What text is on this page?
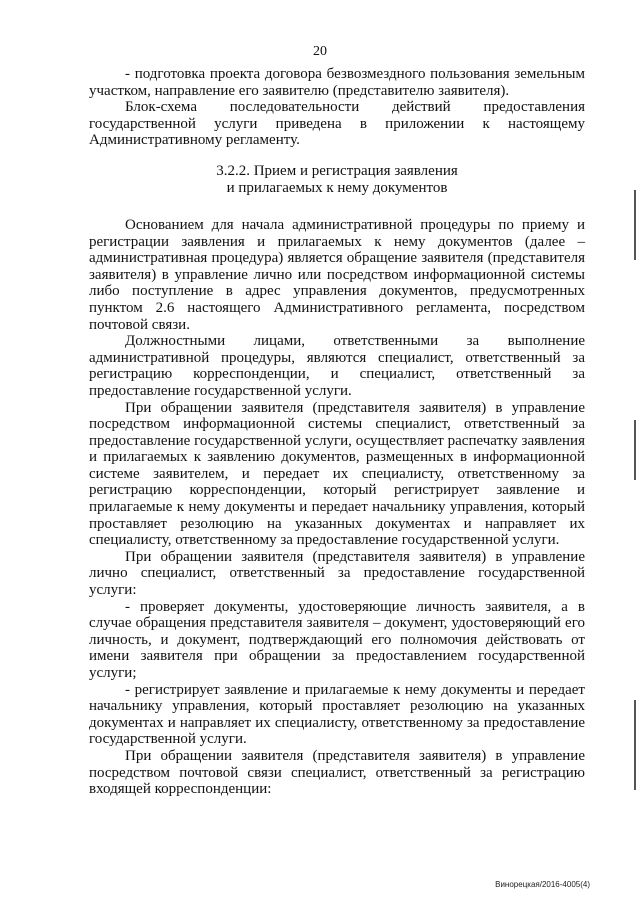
20

- подготовка проекта договора безвозмездного пользования земельным участком, направление его заявителю (представителю заявителя).

Блок-схема последовательности действий предоставления государственной услуги приведена в приложении к настоящему Административному регламенту.

3.2.2. Прием и регистрация заявления
и прилагаемых к нему документов

Основанием для начала административной процедуры по приему и регистрации заявления и прилагаемых к нему документов (далее – административная процедура) является обращение заявителя (представителя заявителя) в управление лично или посредством информационной системы либо поступление в адрес управления документов, предусмотренных пунктом 2.6 настоящего Административного регламента, посредством почтовой связи.

Должностными лицами, ответственными за выполнение административной процедуры, являются специалист, ответственный за регистрацию корреспонденции, и специалист, ответственный за предоставление государственной услуги.

При обращении заявителя (представителя заявителя) в управление посредством информационной системы специалист, ответственный за предоставление государственной услуги, осуществляет распечатку заявления и прилагаемых к заявлению документов, размещенных в информационной системе заявителем, и передает их специалисту, ответственному за регистрацию корреспонденции, который регистрирует заявление и прилагаемые к нему документы и передает начальнику управления, который проставляет резолюцию на указанных документах и направляет их специалисту, ответственному за предоставление государственной услуги.

При обращении заявителя (представителя заявителя) в управление лично специалист, ответственный за предоставление государственной услуги:

- проверяет документы, удостоверяющие личность заявителя, а в случае обращения представителя заявителя – документ, удостоверяющий его личность, и документ, подтверждающий его полномочия действовать от имени заявителя при обращении за предоставлением государственной услуги;

- регистрирует заявление и прилагаемые к нему документы и передает начальнику управления, который проставляет резолюцию на указанных документах и направляет их специалисту, ответственному за предоставление государственной услуги.

При обращении заявителя (представителя заявителя) в управление посредством почтовой связи специалист, ответственный за регистрацию входящей корреспонденции:

Винорецкая/2016-4005(4)
